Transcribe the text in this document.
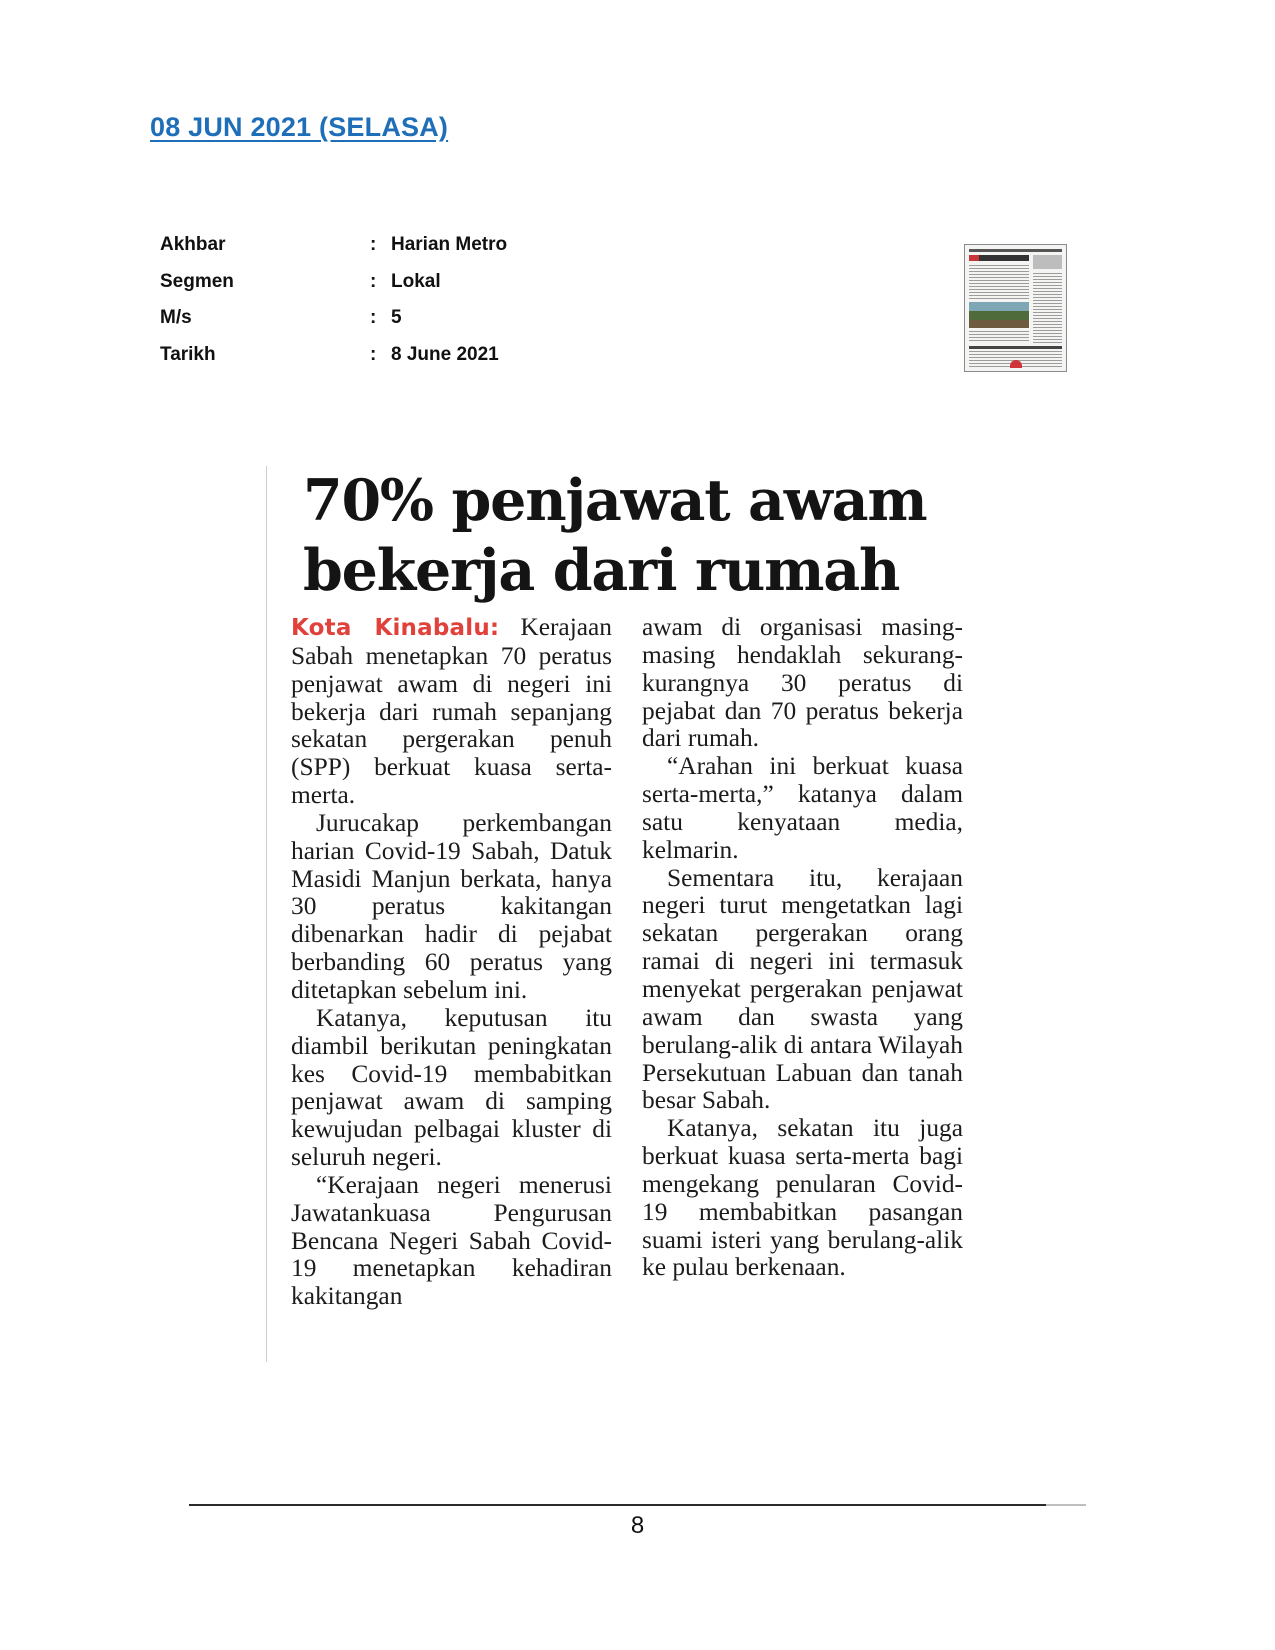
08 JUN 2021 (SELASA)
Akhbar	: Harian Metro
Segmen	: Lokal
M/s	: 5
Tarikh	: 8 June 2021
70% penjawat awam
bekerja dari rumah

Kota Kinabalu: Kerajaan Sabah menetapkan 70 peratus penjawat awam di negeri ini bekerja dari rumah sepanjang sekatan pergerakan penuh (SPP) berkuat kuasa serta-merta.

Jurucakap perkembangan harian Covid-19 Sabah, Datuk Masidi Manjun berkata, hanya 30 peratus kakitangan dibenarkan hadir di pejabat berbanding 60 peratus yang ditetapkan sebelum ini.

Katanya, keputusan itu diambil berikutan peningkatan kes Covid-19 membabitkan penjawat awam di samping kewujudan pelbagai kluster di seluruh negeri.

“Kerajaan negeri menerusi Jawatankuasa Pengurusan Bencana Negeri Sabah Covid-19 menetapkan kehadiran kakitangan

awam di organisasi masing-masing hendaklah sekurang-kurangnya 30 peratus di pejabat dan 70 peratus bekerja dari rumah.

“Arahan ini berkuat kuasa serta-merta,” katanya dalam satu kenyataan media, kelmarin.

Sementara itu, kerajaan negeri turut mengetatkan lagi sekatan pergerakan orang ramai di negeri ini termasuk menyekat pergerakan penjawat awam dan swasta yang berulang-alik di antara Wilayah Persekutuan Labuan dan tanah besar Sabah.

Katanya, sekatan itu juga berkuat kuasa serta-merta bagi mengekang penularan Covid-19 membabitkan pasangan suami isteri yang berulang-alik ke pulau berkenaan.

8
